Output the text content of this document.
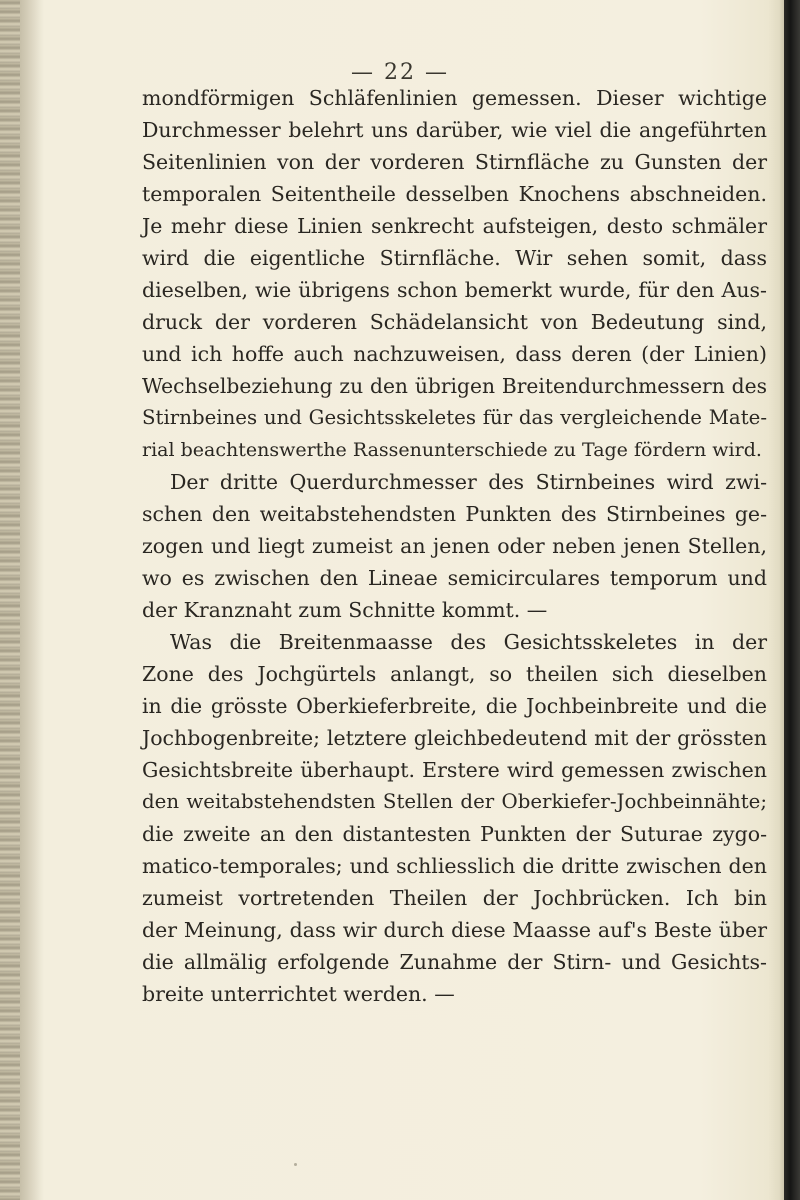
— 22 —
mondförmigen Schläfenlinien gemessen. Dieser wichtige
Durchmesser belehrt uns darüber, wie viel die angeführten
Seitenlinien von der vorderen Stirnfläche zu Gunsten der
temporalen Seitentheile desselben Knochens abschneiden.
Je mehr diese Linien senkrecht aufsteigen, desto schmäler
wird die eigentliche Stirnfläche. Wir sehen somit, dass
dieselben, wie übrigens schon bemerkt wurde, für den Aus-
druck der vorderen Schädelansicht von Bedeutung sind,
und ich hoffe auch nachzuweisen, dass deren (der Linien)
Wechselbeziehung zu den übrigen Breitendurchmessern des
Stirnbeines und Gesichtsskeletes für das vergleichende Mate-
rial beachtenswerthe Rassenunterschiede zu Tage fördern wird.
Der dritte Querdurchmesser des Stirnbeines wird zwi-
schen den weitabstehendsten Punkten des Stirnbeines ge-
zogen und liegt zumeist an jenen oder neben jenen Stellen,
wo es zwischen den Lineae semicirculares temporum und
der Kranznaht zum Schnitte kommt. —
Was die Breitenmaasse des Gesichtsskeletes in der
Zone des Jochgürtels anlangt, so theilen sich dieselben
in die grösste Oberkieferbreite, die Jochbeinbreite und die
Jochbogenbreite; letztere gleichbedeutend mit der grössten
Gesichtsbreite überhaupt. Erstere wird gemessen zwischen
den weitabstehendsten Stellen der Oberkiefer-Jochbeinnähte;
die zweite an den distantesten Punkten der Suturae zygo-
matico-temporales; und schliesslich die dritte zwischen den
zumeist vortretenden Theilen der Jochbrücken. Ich bin
der Meinung, dass wir durch diese Maasse auf's Beste über
die allmälig erfolgende Zunahme der Stirn- und Gesichts-
breite unterrichtet werden. —
